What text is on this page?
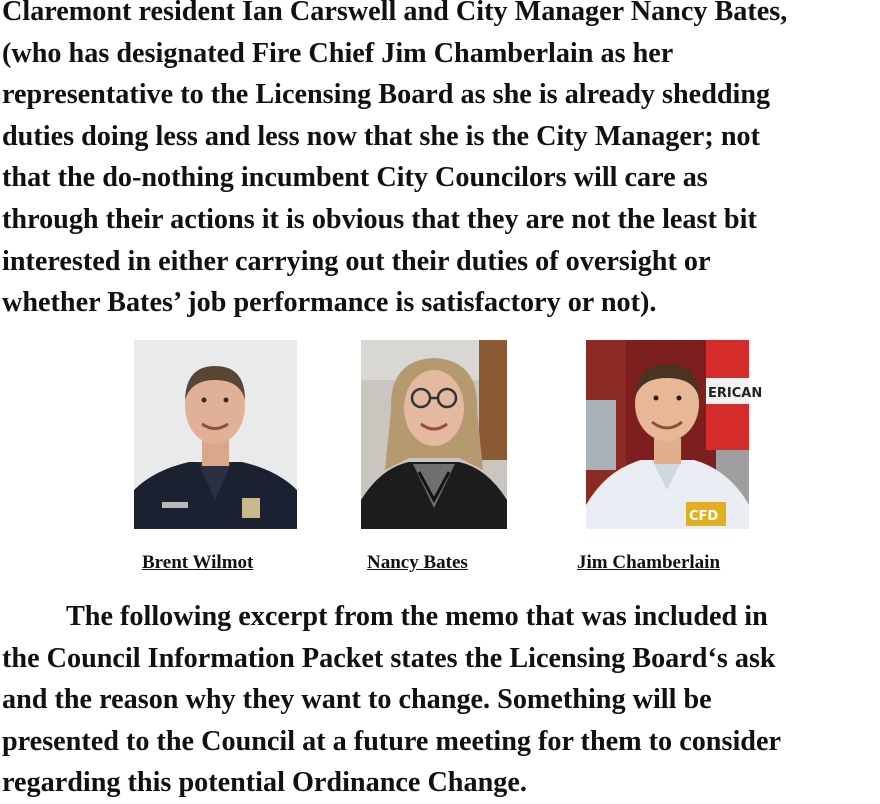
Claremont resident Ian Carswell and City Manager Nancy Bates,
(who has designated Fire Chief Jim Chamberlain as her
representative to the Licensing Board as she is already shedding
duties doing less and less now that she is the City Manager; not
that the do-nothing incumbent City Councilors will care as
through their actions it is obvious that they are not the least bit
interested in either carrying out their duties of oversight or
whether Bates’ job performance is satisfactory or not).
ERICAN
CFD
Brent Wilmot	Nancy Bates	Jim Chamberlain
The following excerpt from the memo that was included in
the Council Information Packet states the Licensing Board‘s ask
and the reason why they want to change. Something will be
presented to the Council at a future meeting for them to consider
regarding this potential Ordinance Change.
